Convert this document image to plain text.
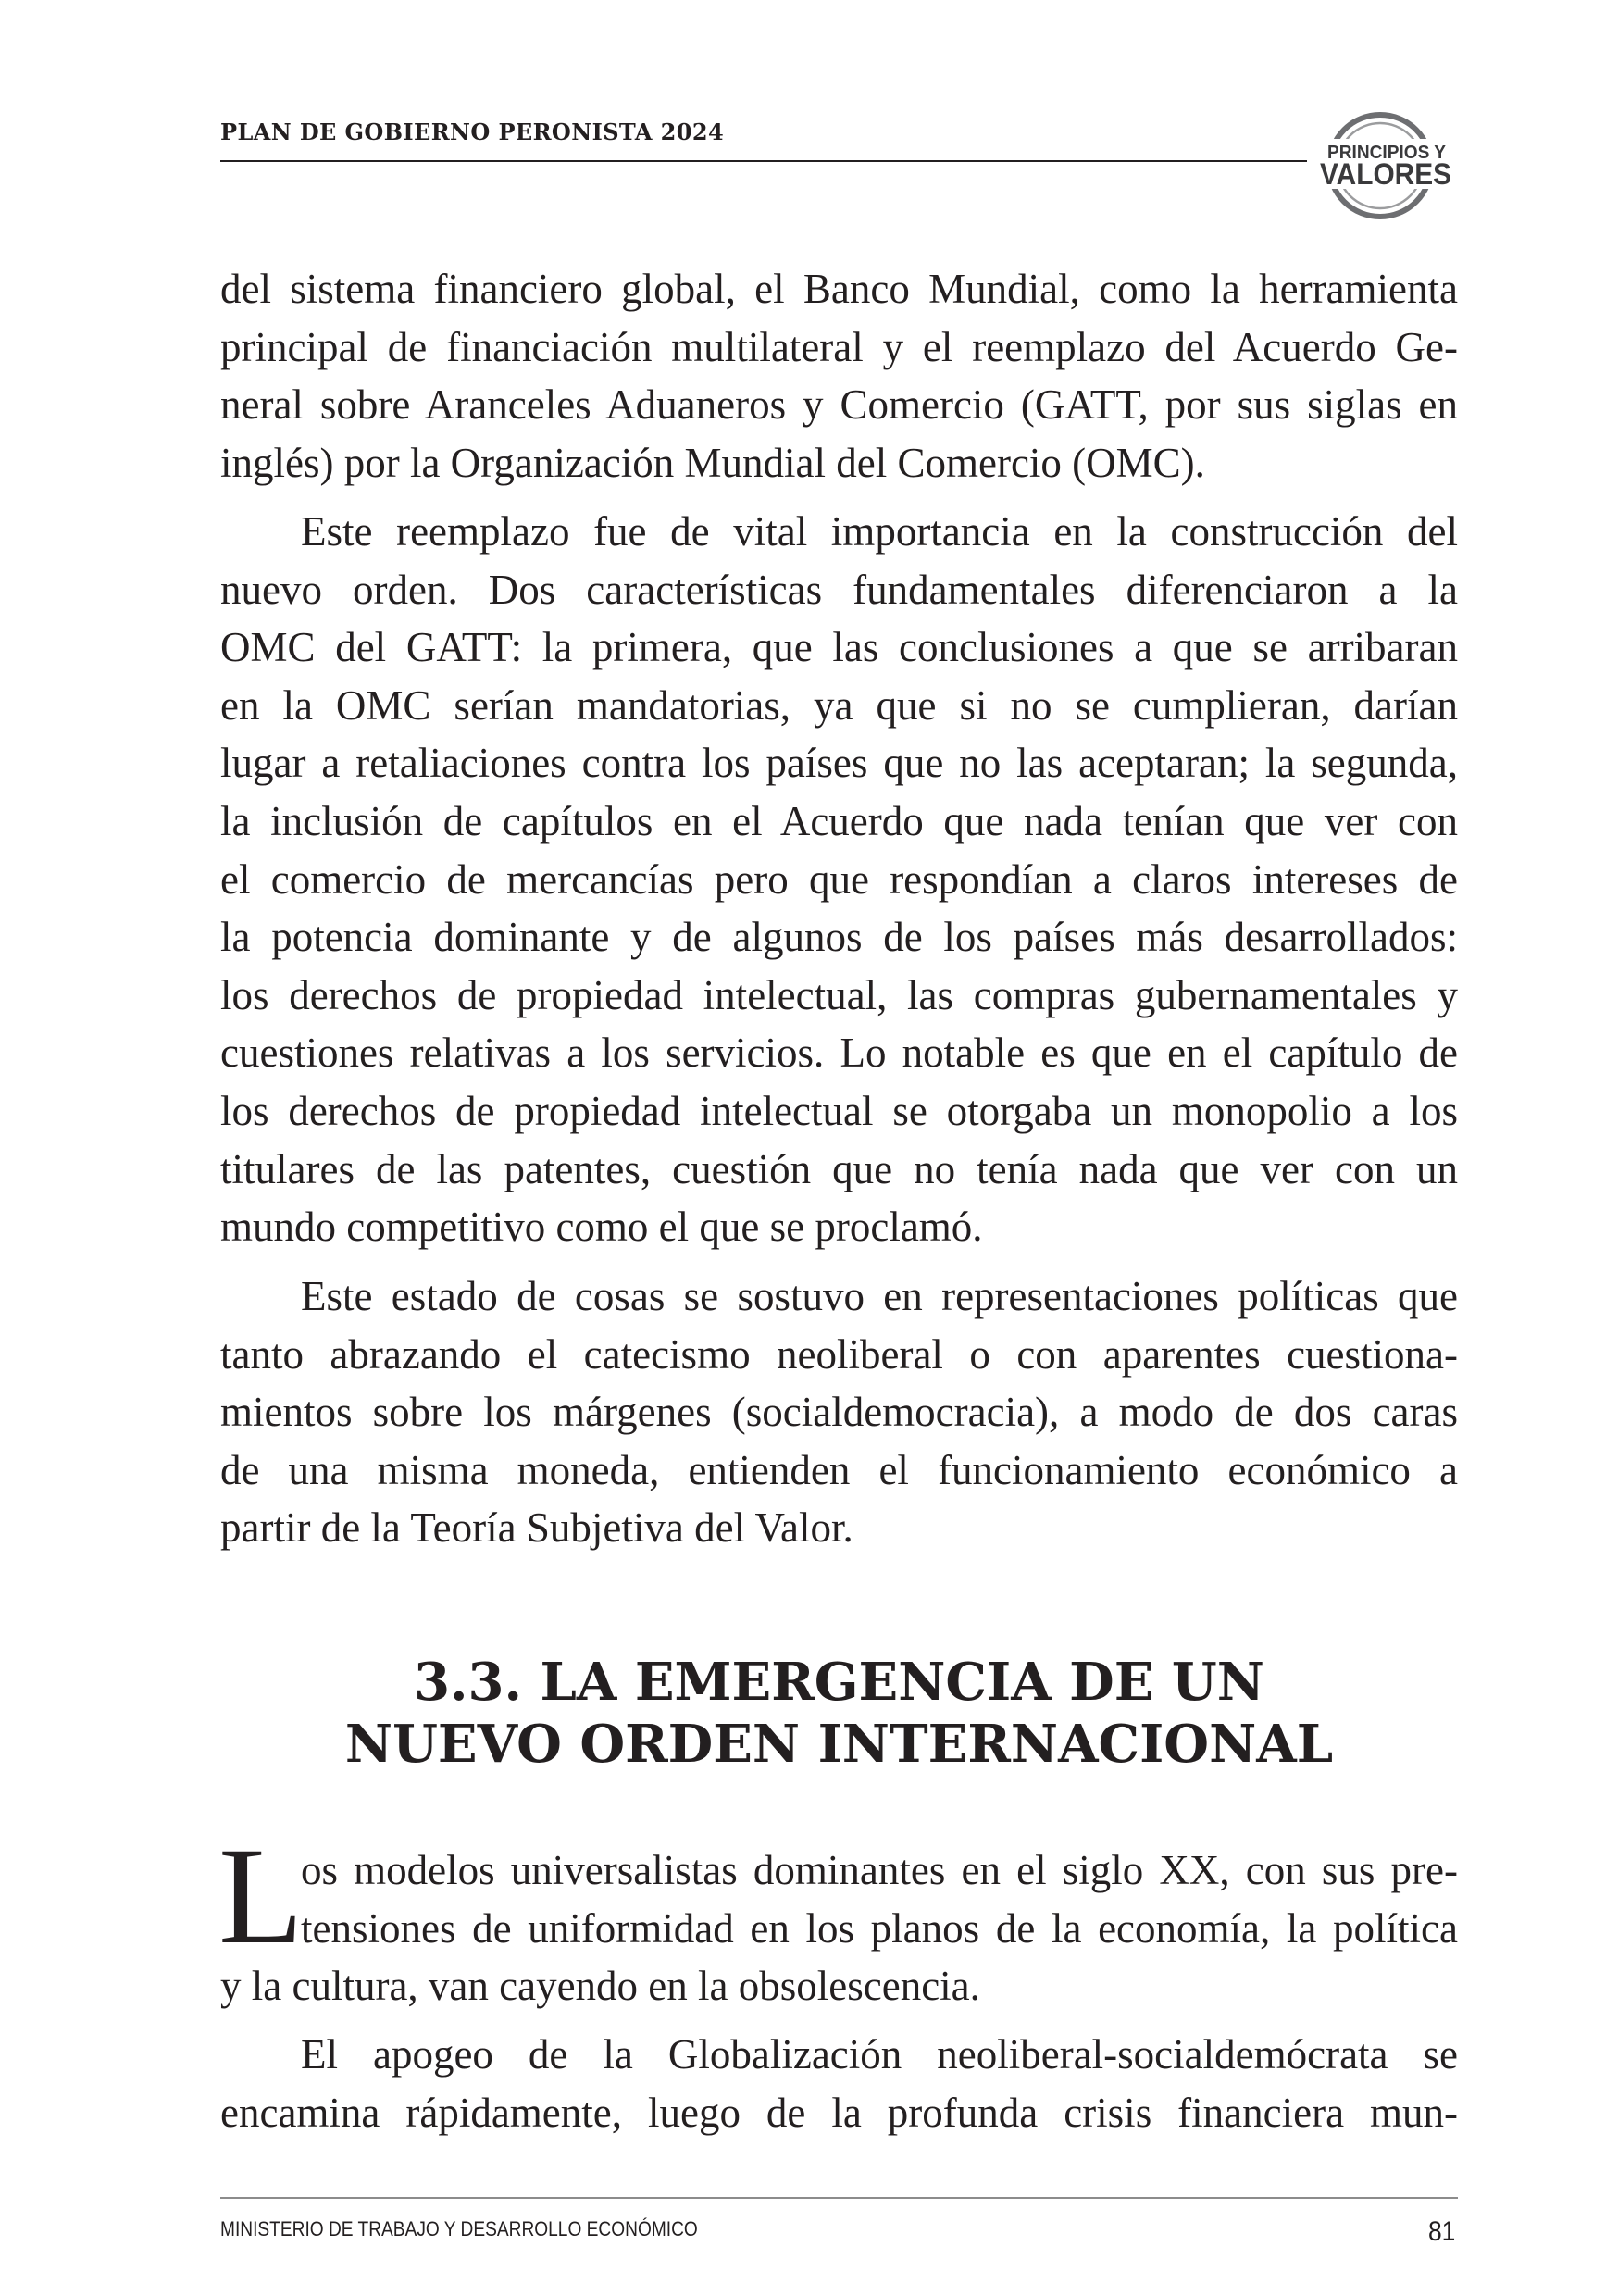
PLAN DE GOBIERNO PERONISTA 2024
PRINCIPIOS Y
VALORES
del sistema financiero global, el Banco Mundial, como la herramienta
principal de financiación multilateral y el reemplazo del Acuerdo Ge-
neral sobre Aranceles Aduaneros y Comercio (GATT, por sus siglas en
inglés) por la Organización Mundial del Comercio (OMC).
Este reemplazo fue de vital importancia en la construcción del
nuevo orden. Dos características fundamentales diferenciaron a la
OMC del GATT: la primera, que las conclusiones a que se arribaran
en la OMC serían mandatorias, ya que si no se cumplieran, darían
lugar a retaliaciones contra los países que no las aceptaran; la segunda,
la inclusión de capítulos en el Acuerdo que nada tenían que ver con
el comercio de mercancías pero que respondían a claros intereses de
la potencia dominante y de algunos de los países más desarrollados:
los derechos de propiedad intelectual, las compras gubernamentales y
cuestiones relativas a los servicios. Lo notable es que en el capítulo de
los derechos de propiedad intelectual se otorgaba un monopolio a los
titulares de las patentes, cuestión que no tenía nada que ver con un
mundo competitivo como el que se proclamó.
Este estado de cosas se sostuvo en representaciones políticas que
tanto abrazando el catecismo neoliberal o con aparentes cuestiona-
mientos sobre los márgenes (socialdemocracia), a modo de dos caras
de una misma moneda, entienden el funcionamiento económico a
partir de la Teoría Subjetiva del Valor.
3.3. LA EMERGENCIA DE UN
NUEVO ORDEN INTERNACIONAL
L
os modelos universalistas dominantes en el siglo XX, con sus pre-
tensiones de uniformidad en los planos de la economía, la política
y la cultura, van cayendo en la obsolescencia.
El apogeo de la Globalización neoliberal-socialdemócrata se
encamina rápidamente, luego de la profunda crisis financiera mun-
MINISTERIO DE TRABAJO Y DESARROLLO ECONÓMICO	81
